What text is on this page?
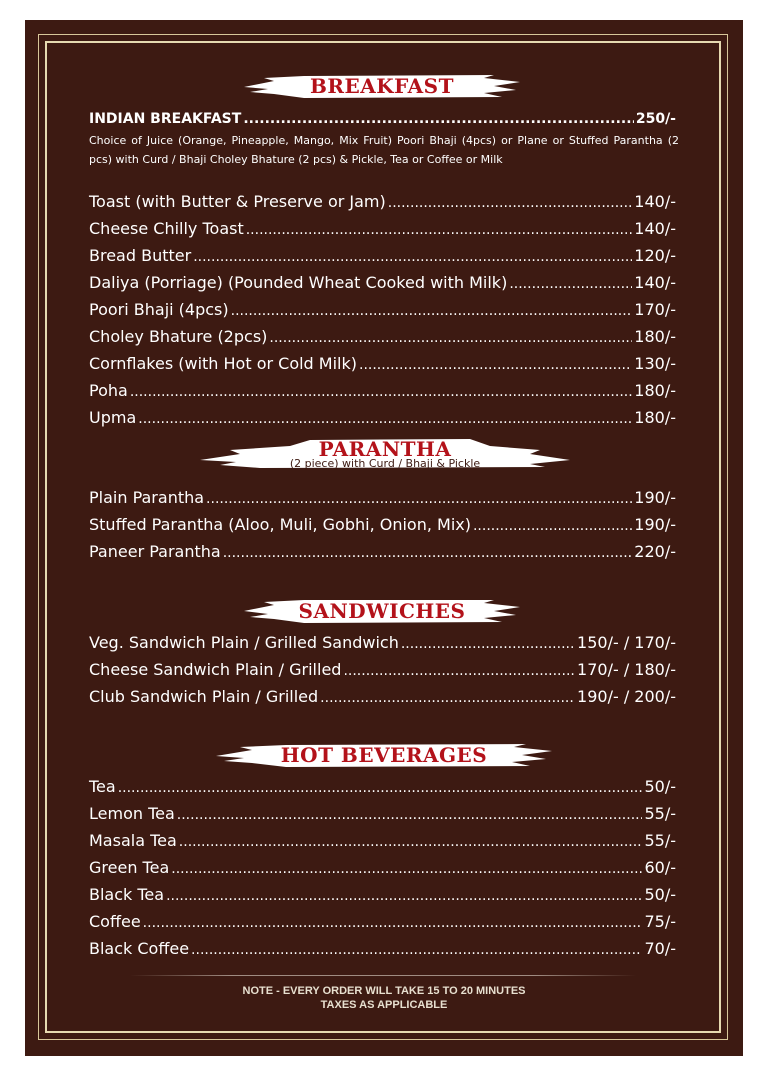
BREAKFAST
INDIAN BREAKFAST .....	250/-
Choice of Juice (Orange, Pineapple, Mango, Mix Fruit) Poori Bhaji (4pcs) or Plane or Stuffed Parantha (2 pcs) with Curd / Bhaji Choley Bhature (2 pcs) & Pickle, Tea or Coffee or Milk
Toast (with Butter & Preserve or Jam) .....	140/-
Cheese Chilly Toast .....	140/-
Bread Butter .....	120/-
Daliya (Porriage) (Pounded Wheat Cooked with Milk) .....	140/-
Poori Bhaji (4pcs) .....	170/-
Choley Bhature (2pcs) .....	180/-
Cornflakes (with Hot or Cold Milk) .....	130/-
Poha .....	180/-
Upma .....	180/-
PARANTHA
(2 piece) with Curd / Bhaji & Pickle
Plain Parantha .....	190/-
Stuffed Parantha (Aloo, Muli, Gobhi, Onion, Mix) .....	190/-
Paneer Parantha .....	220/-
SANDWICHES
Veg. Sandwich Plain / Grilled Sandwich .....	150/- / 170/-
Cheese Sandwich Plain / Grilled .....	170/- / 180/-
Club Sandwich Plain / Grilled .....	190/- / 200/-
HOT BEVERAGES
Tea .....	50/-
Lemon Tea .....	55/-
Masala Tea .....	55/-
Green Tea .....	60/-
Black Tea .....	50/-
Coffee .....	75/-
Black Coffee .....	70/-
NOTE - EVERY ORDER WILL TAKE 15 TO 20 MINUTES
TAXES AS APPLICABLE
